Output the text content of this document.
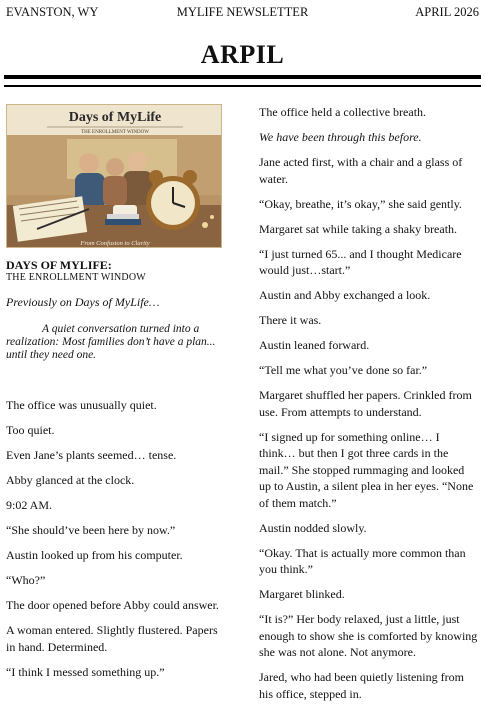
EVANSTON, WY	MYLIFE NEWSLETTER	APRIL 2026
ARPIL
Days of MyLife
THE ENROLLMENT WINDOW
From Confusion to Clarity
DAYS OF MYLIFE:
THE ENROLLMENT WINDOW

Previously on Days of MyLife…

A quiet conversation turned into a realization: Most families don’t have a plan... until they need one.

The office was unusually quiet.

Too quiet.

Even Jane’s plants seemed… tense.

Abby glanced at the clock.

9:02 AM.

“She should’ve been here by now.”

Austin looked up from his computer.

“Who?”

The door opened before Abby could answer.

A woman entered. Slightly flustered. Papers in hand. Determined.

“I think I messed something up.”

The office held a collective breath.

We have been through this before.

Jane acted first, with a chair and a glass of water.

“Okay, breathe, it’s okay,” she said gently.

Margaret sat while taking a shaky breath.

“I just turned 65... and I thought Medicare would just…start.”

Austin and Abby exchanged a look.

There it was.

Austin leaned forward.

“Tell me what you’ve done so far.”

Margaret shuffled her papers. Crinkled from use. From attempts to understand.

“I signed up for something online… I think… but then I got three cards in the mail.” She stopped rummaging and looked up to Austin, a silent plea in her eyes. “None of them match.”

Austin nodded slowly.

“Okay. That is actually more common than you think.”

Margaret blinked.

“It is?” Her body relaxed, just a little, just enough to show she is comforted by knowing she was not alone. Not anymore.

Jared, who had been quietly listening from his office, stepped in.
